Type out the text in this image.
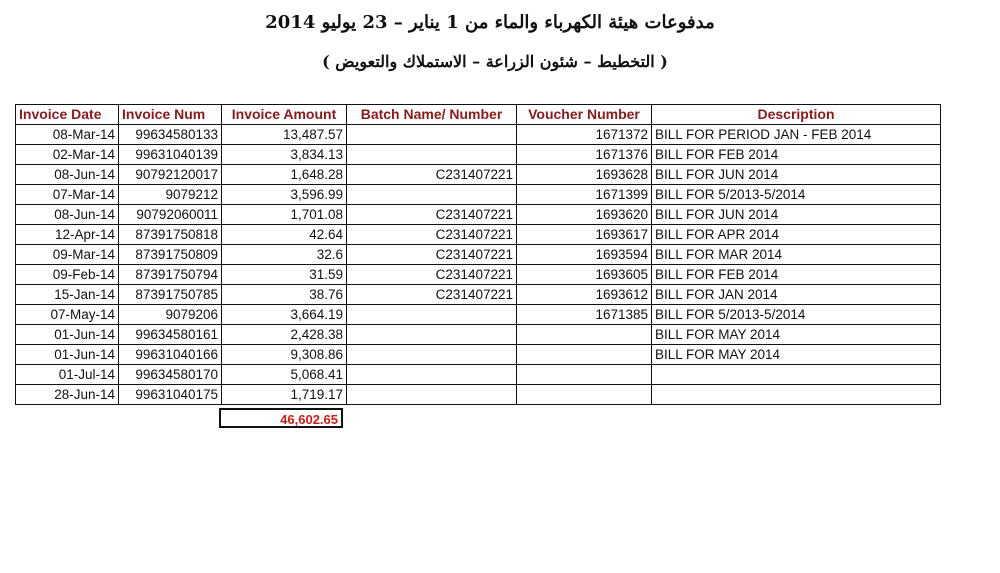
مدفوعات هيئة الكهرباء والماء من 1 يناير – 23 يوليو 2014
( التخطيط – شئون الزراعة – الاستملاك والتعويض )
Invoice Date	Invoice Num	Invoice Amount	Batch Name/ Number	Voucher Number	Description
08-Mar-14	99634580133	13,487.57		1671372	BILL FOR PERIOD JAN - FEB 2014
02-Mar-14	99631040139	3,834.13		1671376	BILL FOR FEB 2014
08-Jun-14	90792120017	1,648.28	C231407221	1693628	BILL FOR JUN 2014
07-Mar-14	9079212	3,596.99		1671399	BILL FOR 5/2013-5/2014
08-Jun-14	90792060011	1,701.08	C231407221	1693620	BILL FOR JUN 2014
12-Apr-14	87391750818	42.64	C231407221	1693617	BILL FOR APR 2014
09-Mar-14	87391750809	32.6	C231407221	1693594	BILL FOR MAR 2014
09-Feb-14	87391750794	31.59	C231407221	1693605	BILL FOR FEB 2014
15-Jan-14	87391750785	38.76	C231407221	1693612	BILL FOR JAN 2014
07-May-14	9079206	3,664.19		1671385	BILL FOR 5/2013-5/2014
01-Jun-14	99634580161	2,428.38			BILL FOR MAY 2014
01-Jun-14	99631040166	9,308.86			BILL FOR MAY 2014
01-Jul-14	99634580170	5,068.41			
28-Jun-14	99631040175	1,719.17			
46,602.65
